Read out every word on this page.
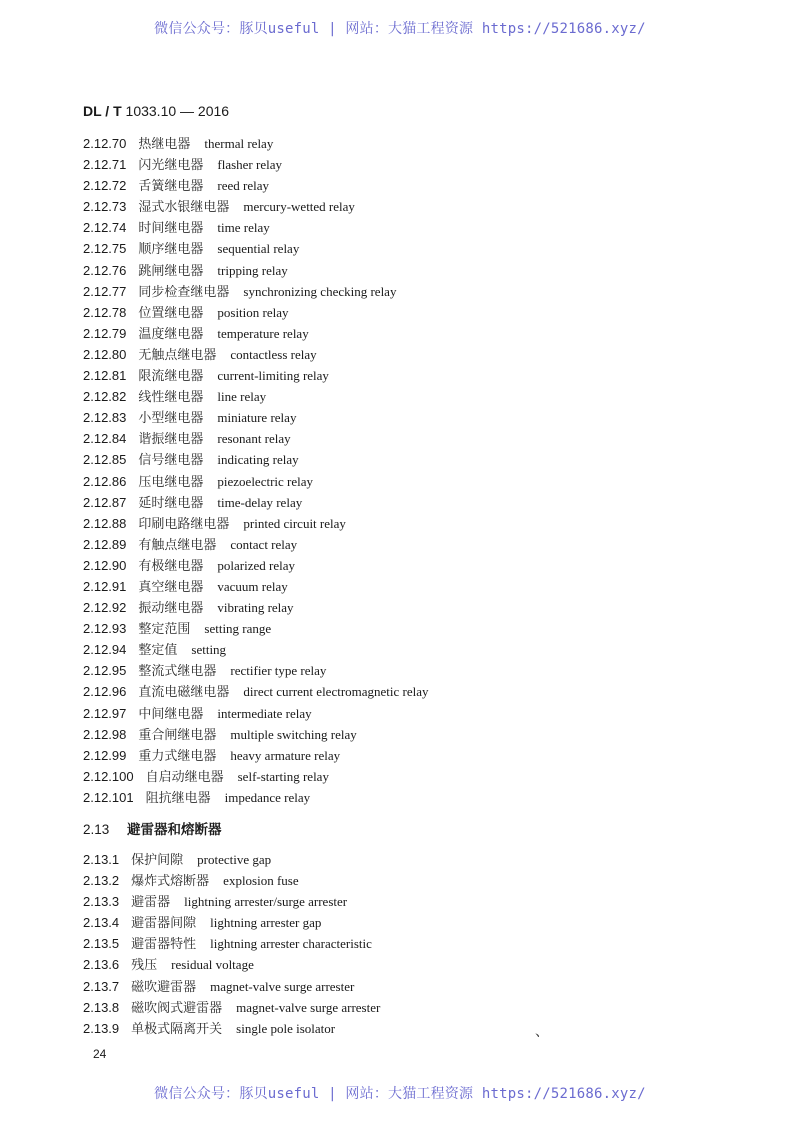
微信公众号：豚贝useful | 网站：大猫工程资源 https://521686.xyz/
DL / T 1033.10 — 2016
2.12.70 热继电器 thermal relay
2.12.71 闪光继电器 flasher relay
2.12.72 舌簧继电器 reed relay
2.12.73 湿式水银继电器 mercury-wetted relay
2.12.74 时间继电器 time relay
2.12.75 顺序继电器 sequential relay
2.12.76 跳闸继电器 tripping relay
2.12.77 同步检查继电器 synchronizing checking relay
2.12.78 位置继电器 position relay
2.12.79 温度继电器 temperature relay
2.12.80 无触点继电器 contactless relay
2.12.81 限流继电器 current-limiting relay
2.12.82 线性继电器 line relay
2.12.83 小型继电器 miniature relay
2.12.84 谐振继电器 resonant relay
2.12.85 信号继电器 indicating relay
2.12.86 压电继电器 piezoelectric relay
2.12.87 延时继电器 time-delay relay
2.12.88 印刷电路继电器 printed circuit relay
2.12.89 有触点继电器 contact relay
2.12.90 有极继电器 polarized relay
2.12.91 真空继电器 vacuum relay
2.12.92 振动继电器 vibrating relay
2.12.93 整定范围 setting range
2.12.94 整定值 setting
2.12.95 整流式继电器 rectifier type relay
2.12.96 直流电磁继电器 direct current electromagnetic relay
2.12.97 中间继电器 intermediate relay
2.12.98 重合闸继电器 multiple switching relay
2.12.99 重力式继电器 heavy armature relay
2.12.100 自启动继电器 self-starting relay
2.12.101 阻抗继电器 impedance relay
2.13 避雷器和熔断器
2.13.1 保护间隙 protective gap
2.13.2 爆炸式熔断器 explosion fuse
2.13.3 避雷器 lightning arrester/surge arrester
2.13.4 避雷器间隙 lightning arrester gap
2.13.5 避雷器特性 lightning arrester characteristic
2.13.6 残压 residual voltage
2.13.7 磁吹避雷器 magnet-valve surge arrester
2.13.8 磁吹阀式避雷器 magnet-valve surge arrester
2.13.9 单极式隔离开关 single pole isolator	、
24
微信公众号：豚贝useful | 网站：大猫工程资源 https://521686.xyz/
